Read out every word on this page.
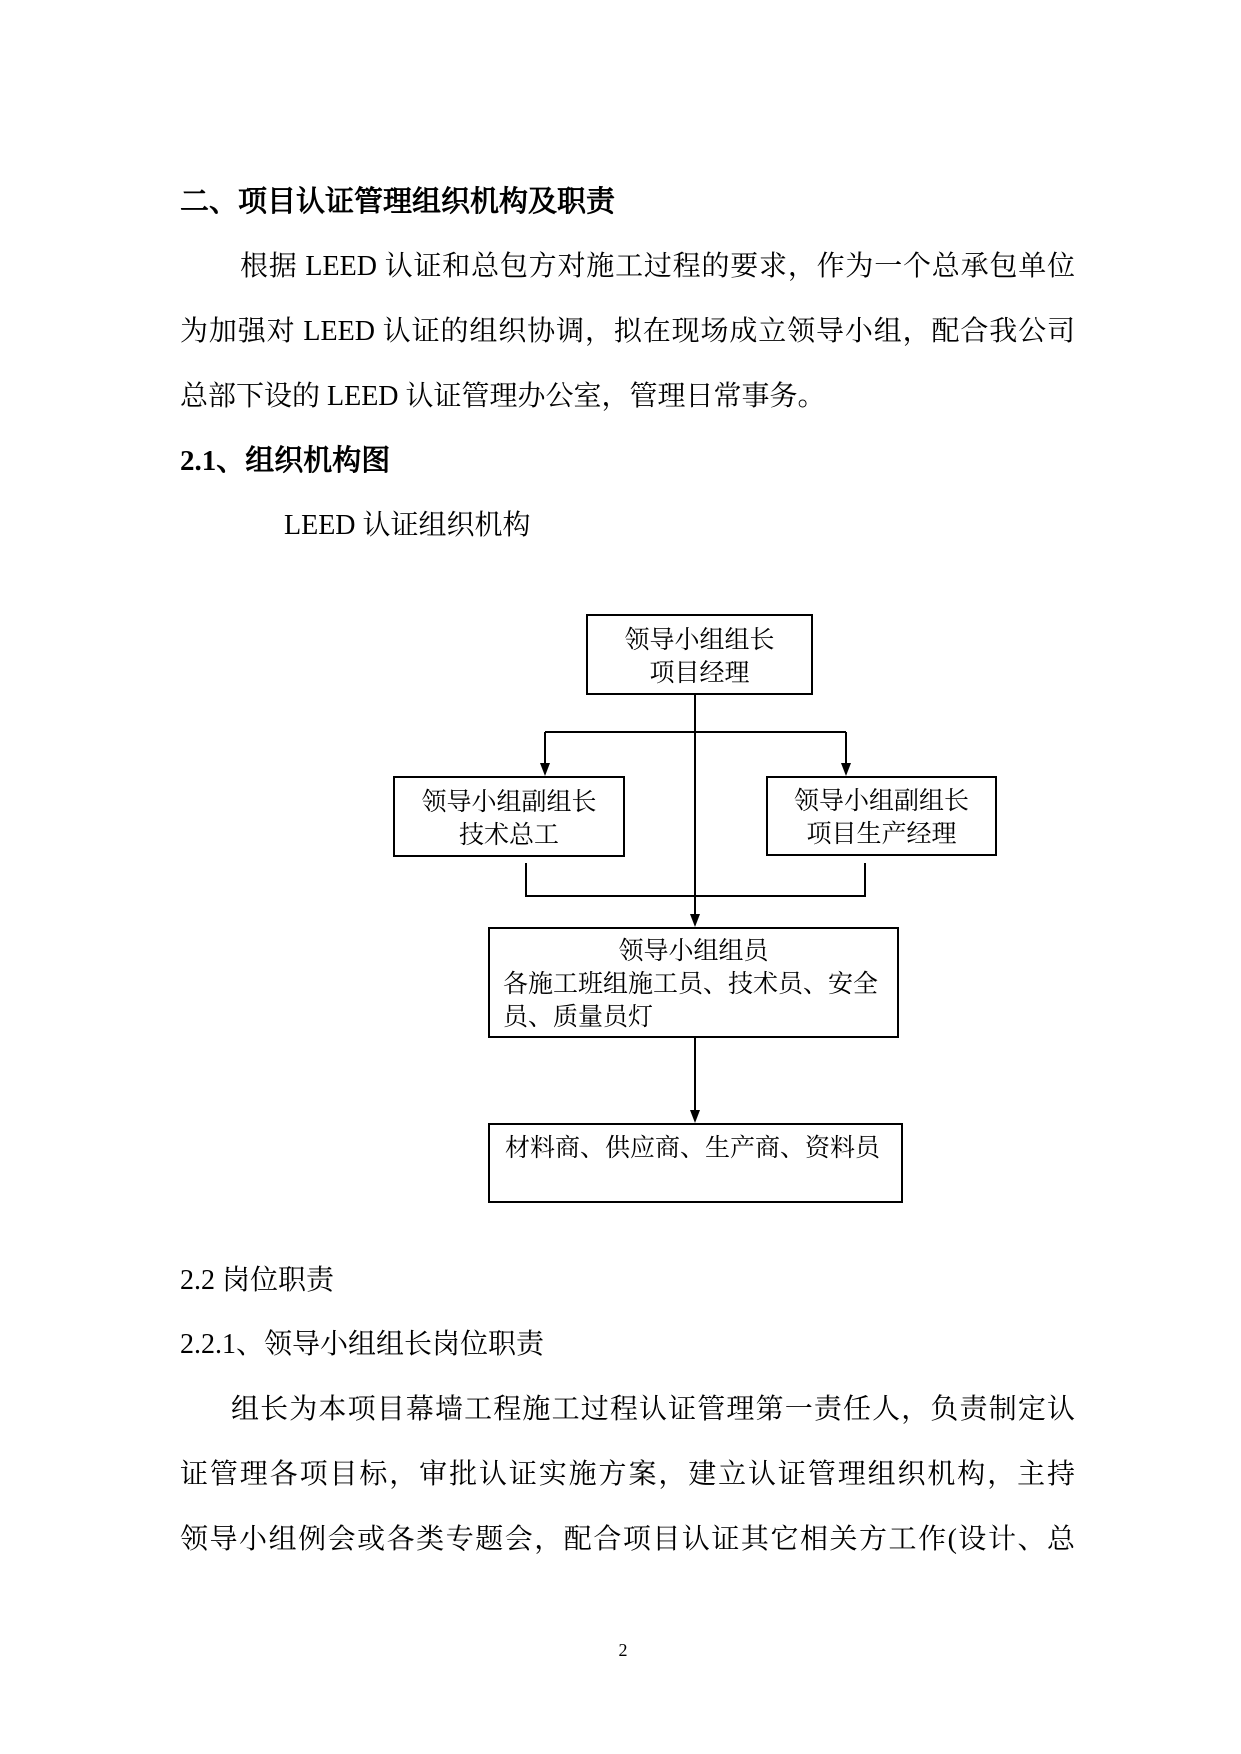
二、项目认证管理组织机构及职责
根据 LEED 认证和总包方对施工过程的要求，作为一个总承包单位
为加强对 LEED 认证的组织协调，拟在现场成立领导小组，配合我公司
总部下设的 LEED 认证管理办公室，管理日常事务。
2.1、组织机构图
LEED 认证组织机构
领导小组组长
项目经理
领导小组副组长
技术总工
领导小组副组长
项目生产经理
领导小组组员
各施工班组施工员、技术员、安全
员、质量员灯
材料商、供应商、生产商、资料员
2.2 岗位职责
2.2.1、领导小组组长岗位职责
组长为本项目幕墙工程施工过程认证管理第一责任人，负责制定认
证管理各项目标，审批认证实施方案，建立认证管理组织机构，主持
领导小组例会或各类专题会，配合项目认证其它相关方工作(设计、总
2
